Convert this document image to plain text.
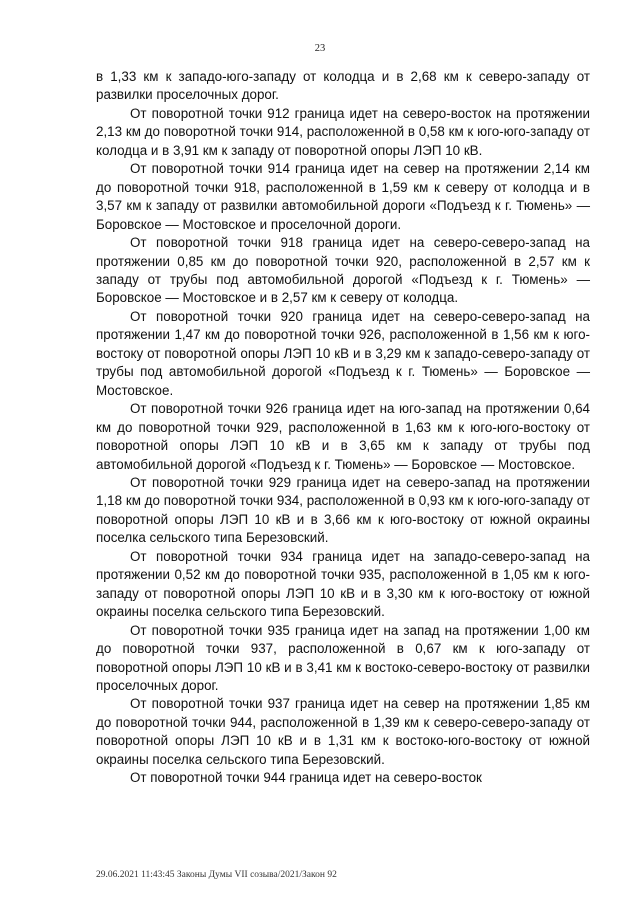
23

в 1,33 км к западо-юго-западу от колодца и в 2,68 км к северо-западу от развилки проселочных дорог.

От поворотной точки 912 граница идет на северо-восток на протяжении 2,13 км до поворотной точки 914, расположенной в 0,58 км к юго-юго-западу от колодца и в 3,91 км к западу от поворотной опоры ЛЭП 10 кВ.

От поворотной точки 914 граница идет на север на протяжении 2,14 км до поворотной точки 918, расположенной в 1,59 км к северу от колодца и в 3,57 км к западу от развилки автомобильной дороги «Подъезд к г. Тюмень» — Боровское — Мостовское и проселочной дороги.

От поворотной точки 918 граница идет на северо-северо-запад на протяжении 0,85 км до поворотной точки 920, расположенной в 2,57 км к западу от трубы под автомобильной дорогой «Подъезд к г. Тюмень» — Боровское — Мостовское и в 2,57 км к северу от колодца.

От поворотной точки 920 граница идет на северо-северо-запад на протяжении 1,47 км до поворотной точки 926, расположенной в 1,56 км к юго-востоку от поворотной опоры ЛЭП 10 кВ и в 3,29 км к западо-северо-западу от трубы под автомобильной дорогой «Подъезд к г. Тюмень» — Боровское — Мостовское.

От поворотной точки 926 граница идет на юго-запад на протяжении 0,64 км до поворотной точки 929, расположенной в 1,63 км к юго-юго-востоку от поворотной опоры ЛЭП 10 кВ и в 3,65 км к западу от трубы под автомобильной дорогой «Подъезд к г. Тюмень» — Боровское — Мостовское.

От поворотной точки 929 граница идет на северо-запад на протяжении 1,18 км до поворотной точки 934, расположенной в 0,93 км к юго-юго-западу от поворотной опоры ЛЭП 10 кВ и в 3,66 км к юго-востоку от южной окраины поселка сельского типа Березовский.

От поворотной точки 934 граница идет на западо-северо-запад на протяжении 0,52 км до поворотной точки 935, расположенной в 1,05 км к юго-западу от поворотной опоры ЛЭП 10 кВ и в 3,30 км к юго-востоку от южной окраины поселка сельского типа Березовский.

От поворотной точки 935 граница идет на запад на протяжении 1,00 км до поворотной точки 937, расположенной в 0,67 км к юго-западу от поворотной опоры ЛЭП 10 кВ и в 3,41 км к востоко-северо-востоку от развилки проселочных дорог.

От поворотной точки 937 граница идет на север на протяжении 1,85 км до поворотной точки 944, расположенной в 1,39 км к северо-северо-западу от поворотной опоры ЛЭП 10 кВ и в 1,31 км к востоко-юго-востоку от южной окраины поселка сельского типа Березовский.

От поворотной точки 944 граница идет на северо-восток

29.06.2021 11:43:45 Законы Думы VII созыва/2021/Закон 92
